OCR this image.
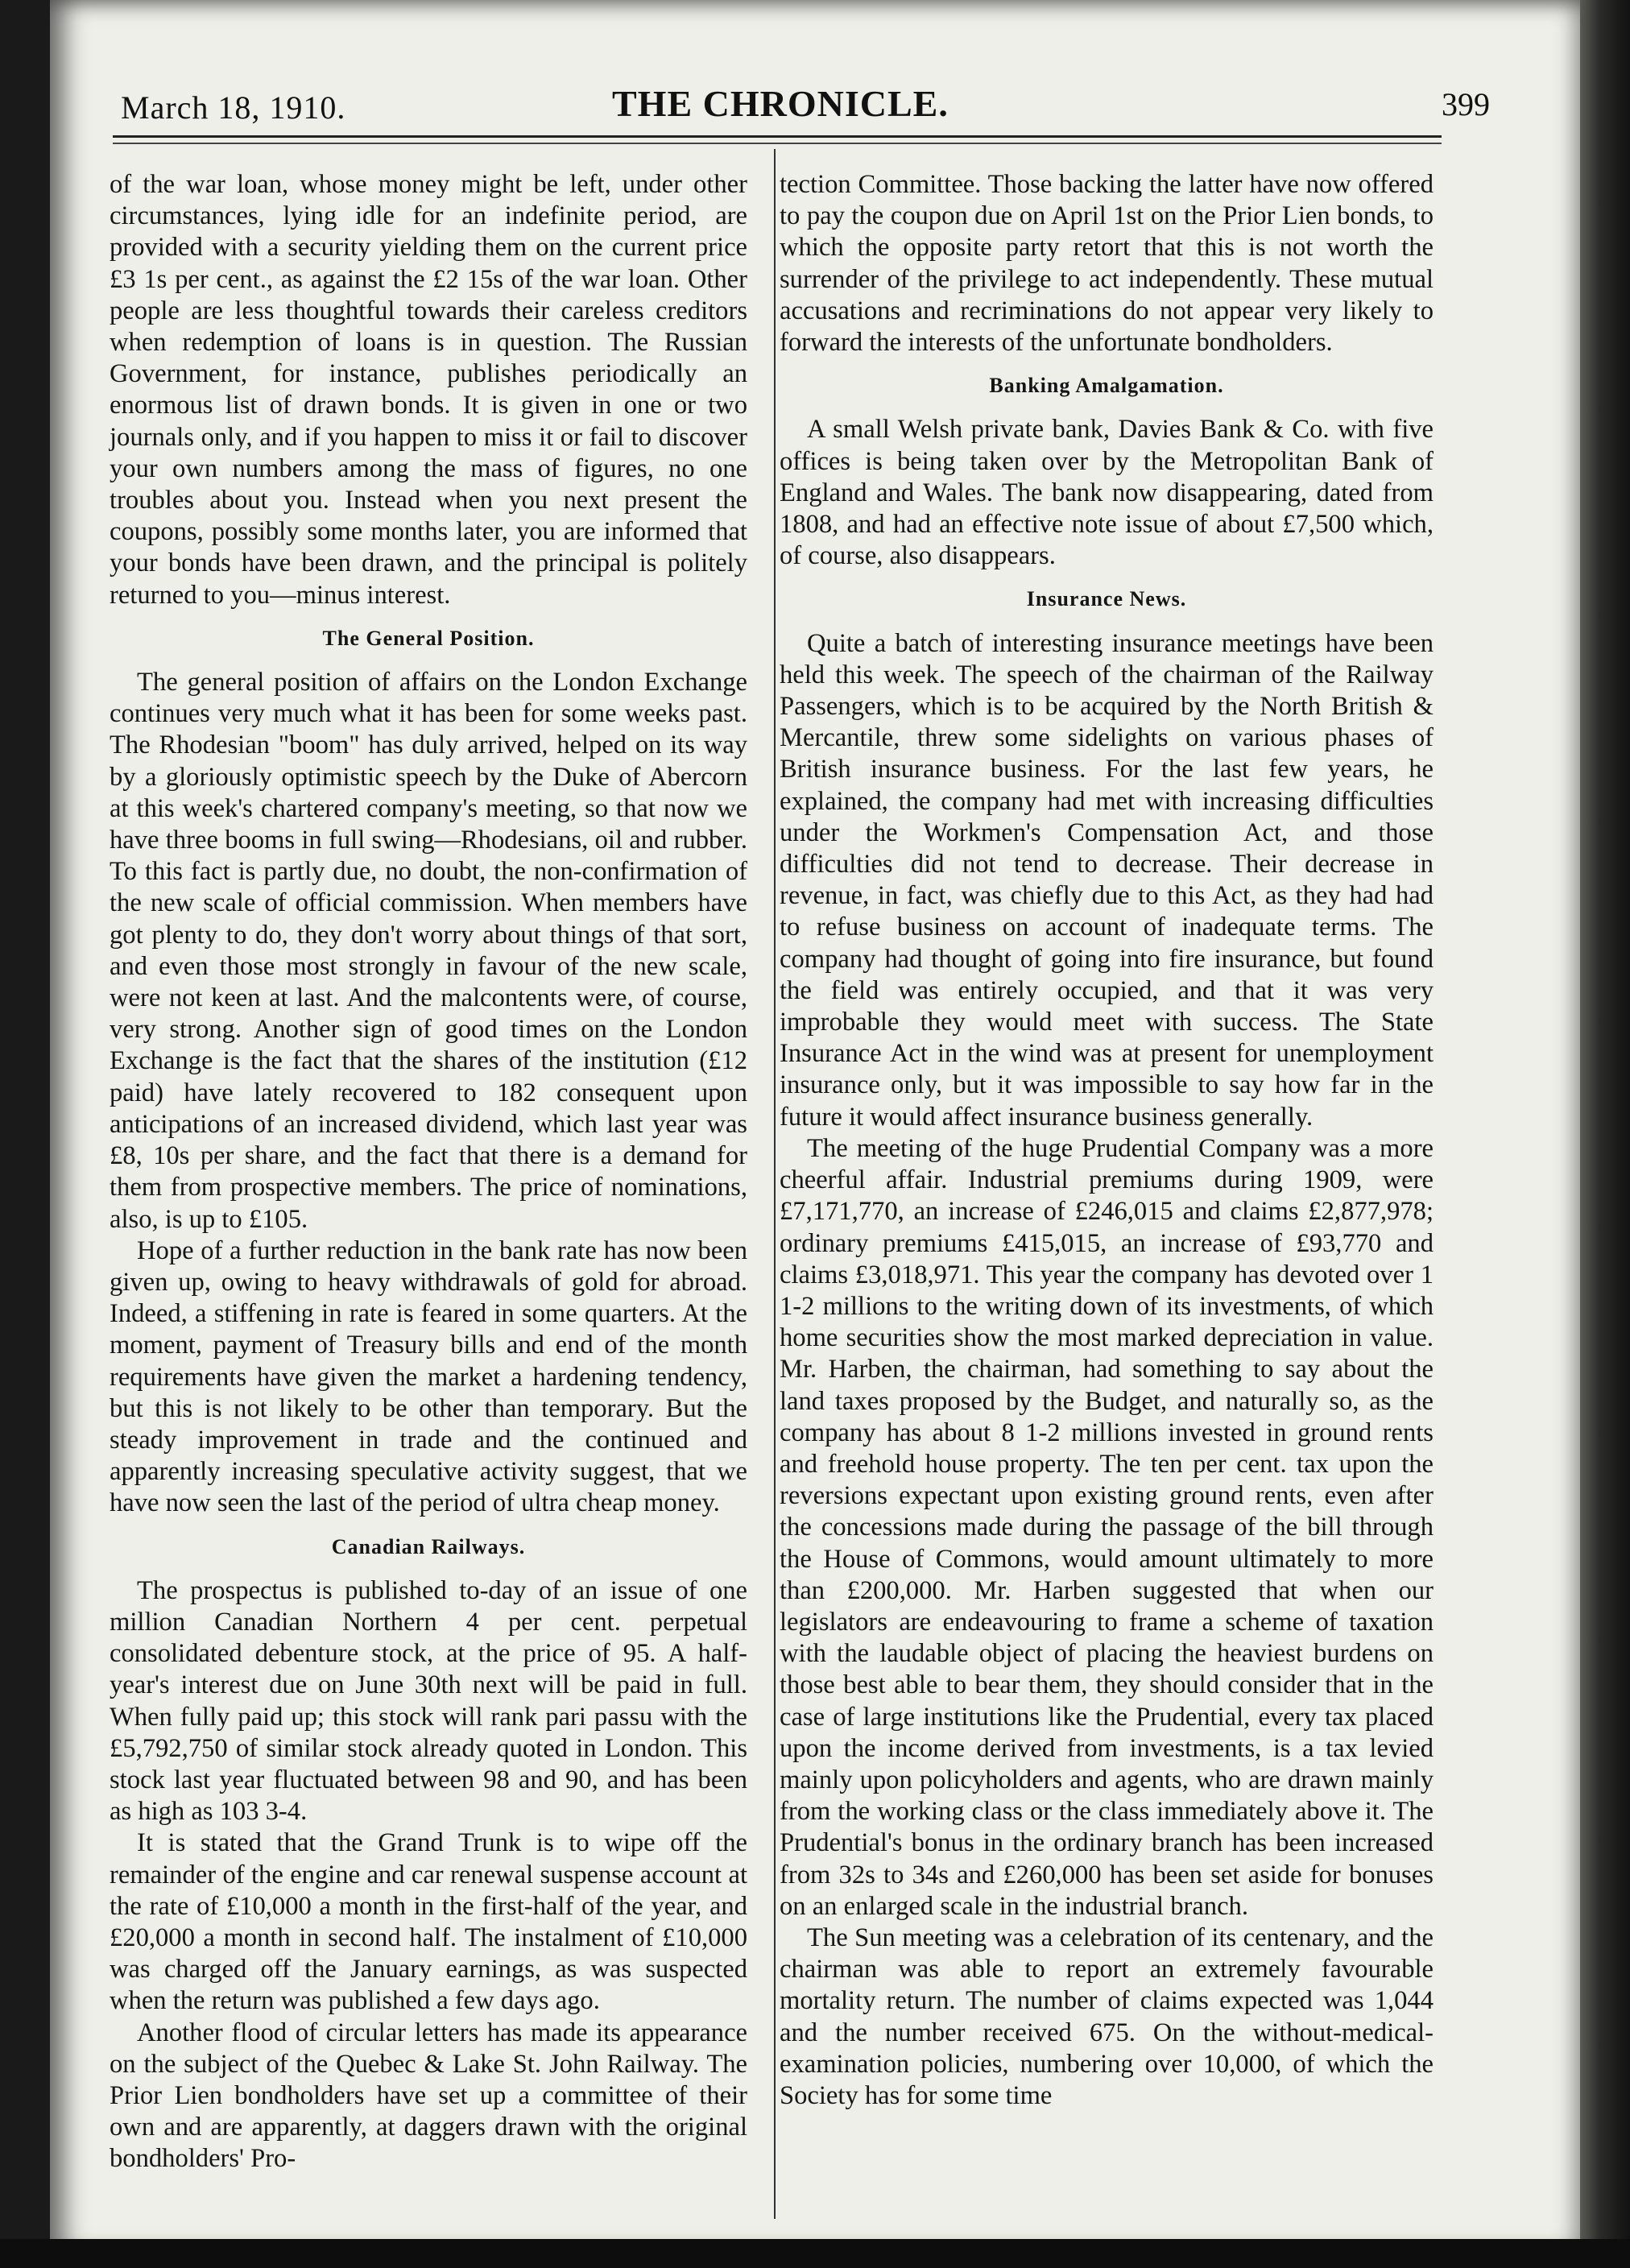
March 18, 1910.	THE CHRONICLE.	399

of the war loan, whose money might be left, under other circumstances, lying idle for an indefinite period, are provided with a security yielding them on the current price £3 1s per cent., as against the £2 15s of the war loan. Other people are less thoughtful towards their careless creditors when redemption of loans is in question. The Russian Government, for instance, publishes periodically an enormous list of drawn bonds. It is given in one or two journals only, and if you happen to miss it or fail to discover your own numbers among the mass of figures, no one troubles about you. Instead when you next present the coupons, possibly some months later, you are informed that your bonds have been drawn, and the principal is politely returned to you—minus interest.

The General Position.

The general position of affairs on the London Exchange continues very much what it has been for some weeks past. The Rhodesian "boom" has duly arrived, helped on its way by a gloriously optimistic speech by the Duke of Abercorn at this week's chartered company's meeting, so that now we have three booms in full swing—Rhodesians, oil and rubber. To this fact is partly due, no doubt, the non-confirmation of the new scale of official commission. When members have got plenty to do, they don't worry about things of that sort, and even those most strongly in favour of the new scale, were not keen at last. And the malcontents were, of course, very strong. Another sign of good times on the London Exchange is the fact that the shares of the institution (£12 paid) have lately recovered to 182 consequent upon anticipations of an increased dividend, which last year was £8, 10s per share, and the fact that there is a demand for them from prospective members. The price of nominations, also, is up to £105.

Hope of a further reduction in the bank rate has now been given up, owing to heavy withdrawals of gold for abroad. Indeed, a stiffening in rate is feared in some quarters. At the moment, payment of Treasury bills and end of the month requirements have given the market a hardening tendency, but this is not likely to be other than temporary. But the steady improvement in trade and the continued and apparently increasing speculative activity suggest, that we have now seen the last of the period of ultra cheap money.

Canadian Railways.

The prospectus is published to-day of an issue of one million Canadian Northern 4 per cent. perpetual consolidated debenture stock, at the price of 95. A half-year's interest due on June 30th next will be paid in full. When fully paid up; this stock will rank pari passu with the £5,792,750 of similar stock already quoted in London. This stock last year fluctuated between 98 and 90, and has been as high as 103 3-4.

It is stated that the Grand Trunk is to wipe off the remainder of the engine and car renewal suspense account at the rate of £10,000 a month in the first-half of the year, and £20,000 a month in second half. The instalment of £10,000 was charged off the January earnings, as was suspected when the return was published a few days ago.

Another flood of circular letters has made its appearance on the subject of the Quebec & Lake St. John Railway. The Prior Lien bondholders have set up a committee of their own and are apparently, at daggers drawn with the original bondholders' Pro-

tection Committee. Those backing the latter have now offered to pay the coupon due on April 1st on the Prior Lien bonds, to which the opposite party retort that this is not worth the surrender of the privilege to act independently. These mutual accusations and recriminations do not appear very likely to forward the interests of the unfortunate bondholders.

Banking Amalgamation.

A small Welsh private bank, Davies Bank & Co. with five offices is being taken over by the Metropolitan Bank of England and Wales. The bank now disappearing, dated from 1808, and had an effective note issue of about £7,500 which, of course, also disappears.

Insurance News.

Quite a batch of interesting insurance meetings have been held this week. The speech of the chairman of the Railway Passengers, which is to be acquired by the North British & Mercantile, threw some sidelights on various phases of British insurance business. For the last few years, he explained, the company had met with increasing difficulties under the Workmen's Compensation Act, and those difficulties did not tend to decrease. Their decrease in revenue, in fact, was chiefly due to this Act, as they had had to refuse business on account of inadequate terms. The company had thought of going into fire insurance, but found the field was entirely occupied, and that it was very improbable they would meet with success. The State Insurance Act in the wind was at present for unemployment insurance only, but it was impossible to say how far in the future it would affect insurance business generally.

The meeting of the huge Prudential Company was a more cheerful affair. Industrial premiums during 1909, were £7,171,770, an increase of £246,015 and claims £2,877,978; ordinary premiums £415,015, an increase of £93,770 and claims £3,018,971. This year the company has devoted over 1 1-2 millions to the writing down of its investments, of which home securities show the most marked depreciation in value. Mr. Harben, the chairman, had something to say about the land taxes proposed by the Budget, and naturally so, as the company has about 8 1-2 millions invested in ground rents and freehold house property. The ten per cent. tax upon the reversions expectant upon existing ground rents, even after the concessions made during the passage of the bill through the House of Commons, would amount ultimately to more than £200,000. Mr. Harben suggested that when our legislators are endeavouring to frame a scheme of taxation with the laudable object of placing the heaviest burdens on those best able to bear them, they should consider that in the case of large institutions like the Prudential, every tax placed upon the income derived from investments, is a tax levied mainly upon policyholders and agents, who are drawn mainly from the working class or the class immediately above it. The Prudential's bonus in the ordinary branch has been increased from 32s to 34s and £260,000 has been set aside for bonuses on an enlarged scale in the industrial branch.

The Sun meeting was a celebration of its centenary, and the chairman was able to report an extremely favourable mortality return. The number of claims expected was 1,044 and the number received 675. On the without-medical-examination policies, numbering over 10,000, of which the Society has for some time
